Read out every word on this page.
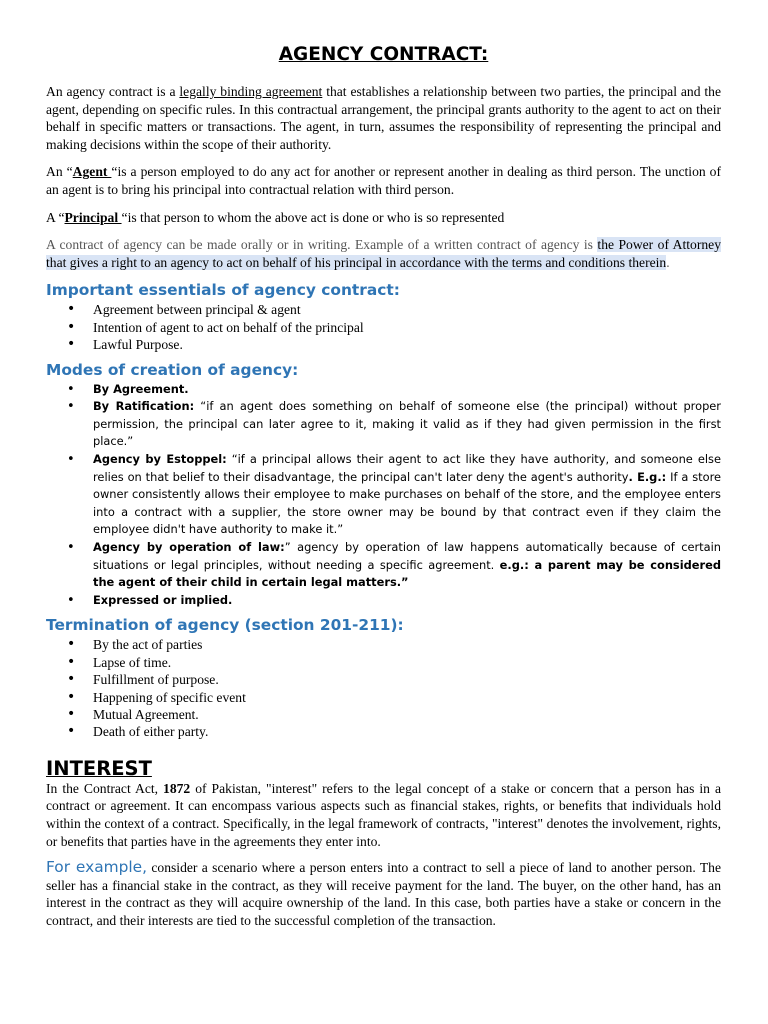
AGENCY CONTRACT:

An agency contract is a legally binding agreement that establishes a relationship between two parties, the principal and the agent, depending on specific rules. In this contractual arrangement, the principal grants authority to the agent to act on their behalf in specific matters or transactions. The agent, in turn, assumes the responsibility of representing the principal and making decisions within the scope of their authority.

An “Agent “is a person employed to do any act for another or represent another in dealing as third person. The unction of an agent is to bring his principal into contractual relation with third person.

A “Principal “is that person to whom the above act is done or who is so represented

A contract of agency can be made orally or in writing. Example of a written contract of agency is the Power of Attorney that gives a right to an agency to act on behalf of his principal in accordance with the terms and conditions therein.

Important essentials of agency contract:
• Agreement between principal & agent
• Intention of agent to act on behalf of the principal
• Lawful Purpose.
Modes of creation of agency:
• By Agreement.
• By Ratification: “if an agent does something on behalf of someone else (the principal) without proper permission, the principal can later agree to it, making it valid as if they had given permission in the first place.”
• Agency by Estoppel: “if a principal allows their agent to act like they have authority, and someone else relies on that belief to their disadvantage, the principal can't later deny the agent's authority. E.g.: If a store owner consistently allows their employee to make purchases on behalf of the store, and the employee enters into a contract with a supplier, the store owner may be bound by that contract even if they claim the employee didn't have authority to make it.”
• Agency by operation of law:” agency by operation of law happens automatically because of certain situations or legal principles, without needing a specific agreement. e.g.: a parent may be considered the agent of their child in certain legal matters.”
• Expressed or implied.
Termination of agency (section 201-211):
• By the act of parties
• Lapse of time.
• Fulfillment of purpose.
• Happening of specific event
• Mutual Agreement.
• Death of either party.
INTEREST

In the Contract Act, 1872 of Pakistan, "interest" refers to the legal concept of a stake or concern that a person has in a contract or agreement. It can encompass various aspects such as financial stakes, rights, or benefits that individuals hold within the context of a contract. Specifically, in the legal framework of contracts, "interest" denotes the involvement, rights, or benefits that parties have in the agreements they enter into.

For example, consider a scenario where a person enters into a contract to sell a piece of land to another person. The seller has a financial stake in the contract, as they will receive payment for the land. The buyer, on the other hand, has an interest in the contract as they will acquire ownership of the land. In this case, both parties have a stake or concern in the contract, and their interests are tied to the successful completion of the transaction.
